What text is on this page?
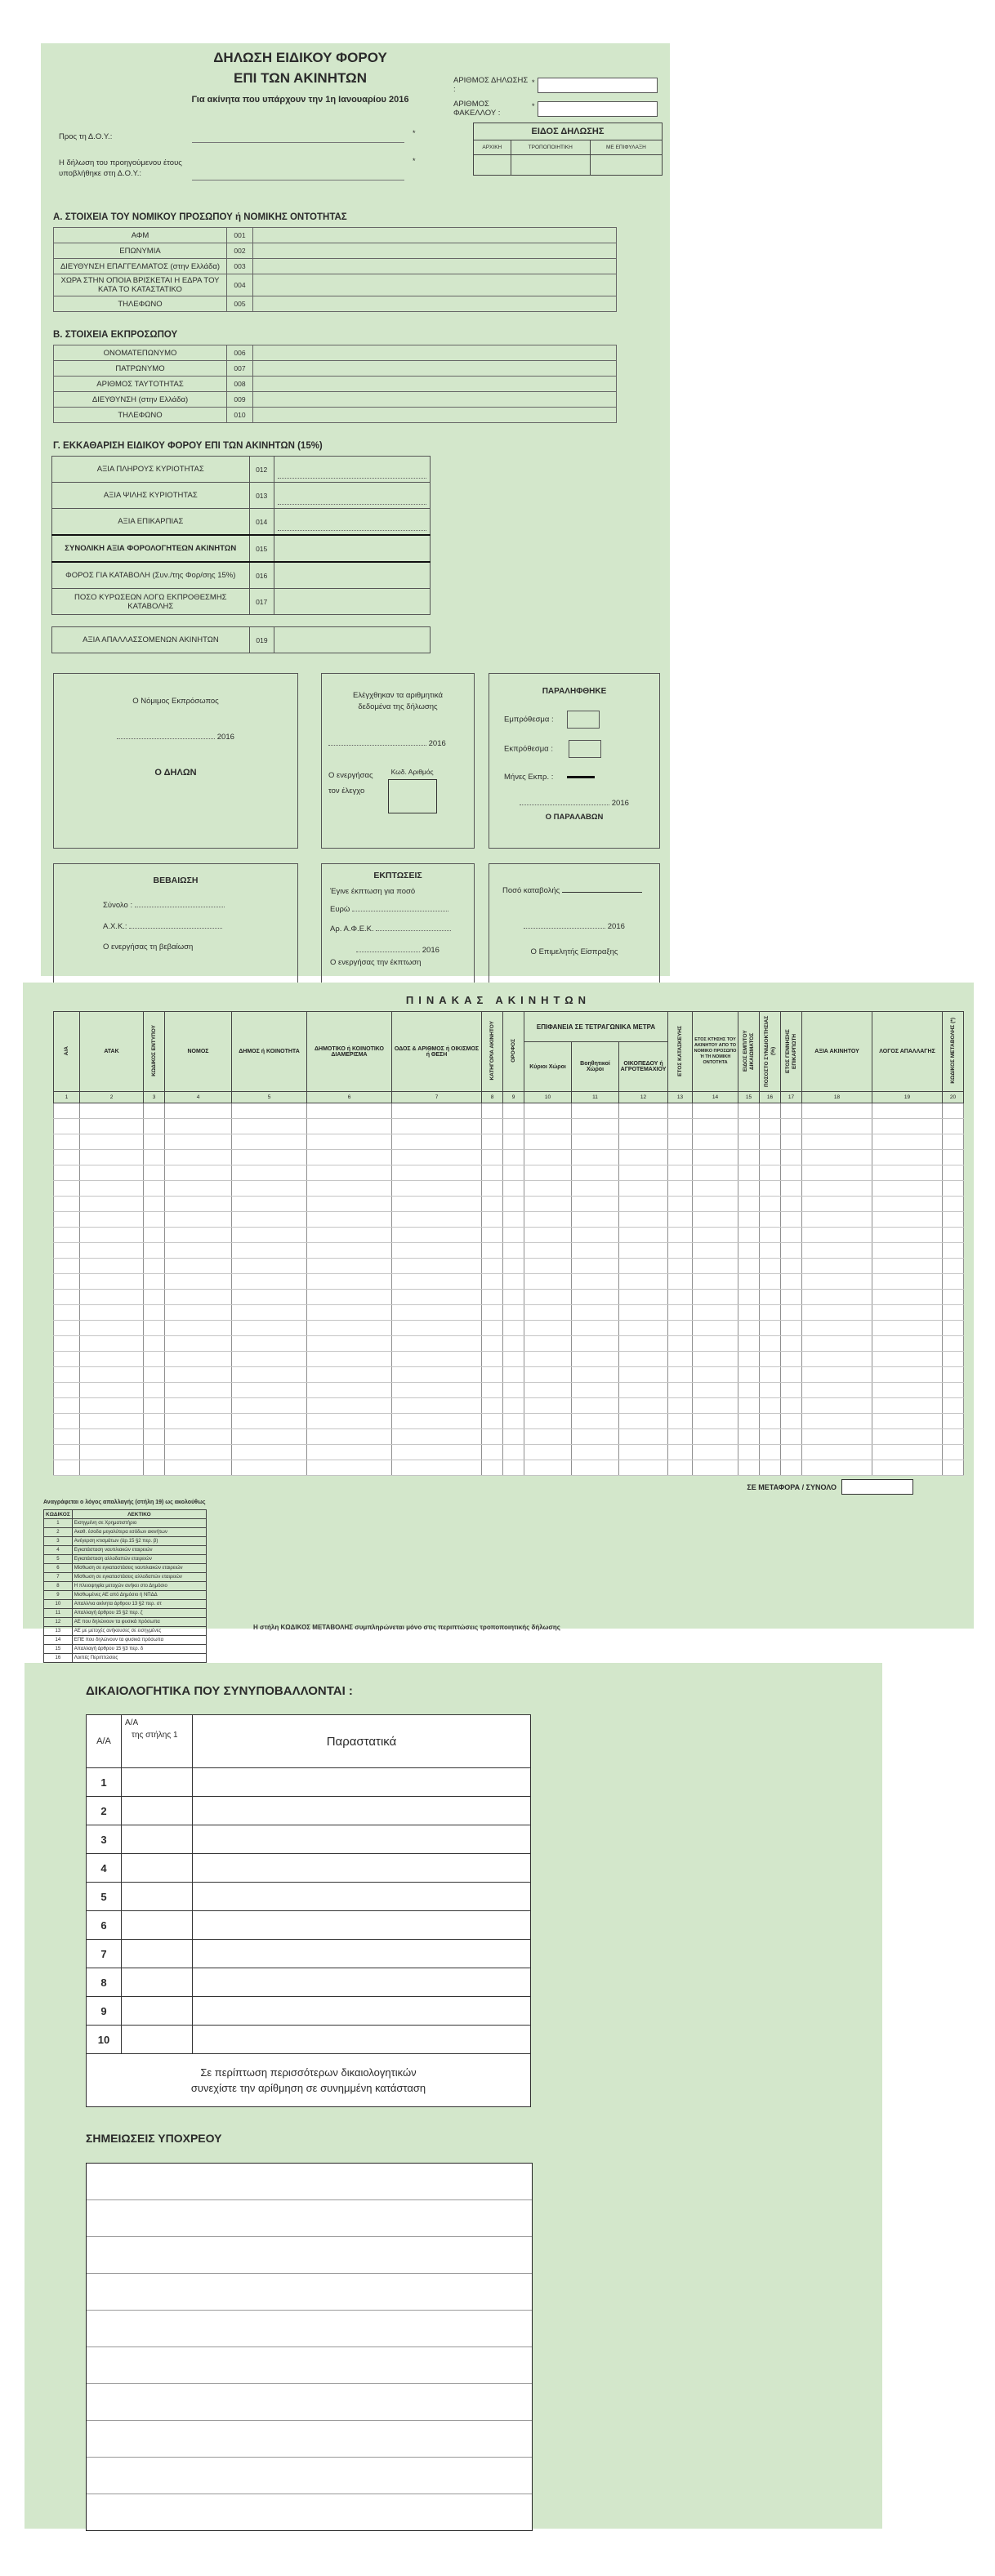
ΔΗΛΩΣΗ ΕΙΔΙΚΟΥ ΦΟΡΟΥ
ΕΠΙ ΤΩΝ ΑΚΙΝΗΤΩΝ
Για ακίνητα που υπάρχουν την 1η Ιανουαρίου 2016
ΑΡΙΘΜΟΣ ΔΗΛΩΣΗΣ :
*
ΑΡΙΘΜΟΣ ΦΑΚΕΛΛΟΥ :
*
Προς τη Δ.Ο.Υ.:	*
Η δήλωση του προηγούμενου έτους υποβλήθηκε στη Δ.Ο.Υ.:
*
ΕΙΔΟΣ ΔΗΛΩΣΗΣ		
ΑΡΧΙΚΗ	ΤΡΟΠΟΠΟΙΗΤΙΚΗ	ΜΕ ΕΠΙΦΥΛΑΞΗ

Α. ΣΤΟΙΧΕΙΑ ΤΟΥ ΝΟΜΙΚΟΥ ΠΡΟΣΩΠΟΥ ή ΝΟΜΙΚΗΣ ΟΝΤΟΤΗΤΑΣ
ΑΦΜ	001	
ΕΠΩΝΥΜΙΑ	002	
ΔΙΕΥΘΥΝΣΗ ΕΠΑΓΓΕΛΜΑΤΟΣ (στην Ελλάδα)	003	
ΧΩΡΑ ΣΤΗΝ ΟΠΟΙΑ ΒΡΙΣΚΕΤΑΙ Η ΕΔΡΑ ΤΟΥ ΚΑΤΑ ΤΟ ΚΑΤΑΣΤΑΤΙΚΟ	004	
ΤΗΛΕΦΩΝΟ	005	
Β. ΣΤΟΙΧΕΙΑ ΕΚΠΡΟΣΩΠΟΥ
ΟΝΟΜΑΤΕΠΩΝΥΜΟ	006	
ΠΑΤΡΩΝΥΜΟ	007	
ΑΡΙΘΜΟΣ ΤΑΥΤΟΤΗΤΑΣ	008	
ΔΙΕΥΘΥΝΣΗ (στην Ελλάδα)	009	
ΤΗΛΕΦΩΝΟ	010	
Γ. ΕΚΚΑΘΑΡΙΣΗ ΕΙΔΙΚΟΥ ΦΟΡΟΥ ΕΠΙ ΤΩΝ ΑΚΙΝΗΤΩΝ (15%)
ΑΞΙΑ ΠΛΗΡΟΥΣ ΚΥΡΙΟΤΗΤΑΣ	012	

ΑΞΙΑ ΨΙΛΗΣ ΚΥΡΙΟΤΗΤΑΣ	013	

ΑΞΙΑ ΕΠΙΚΑΡΠΙΑΣ	014	

ΣΥΝΟΛΙΚΗ ΑΞΙΑ ΦΟΡΟΛΟΓΗΤΕΩΝ ΑΚΙΝΗΤΩΝ	015	
ΦΟΡΟΣ ΓΙΑ ΚΑΤΑΒΟΛΗ (Συν./της Φορ/σης 15%)	016	
ΠΟΣΟ ΚΥΡΩΣΕΩΝ ΛΟΓΩ ΕΚΠΡΟΘΕΣΜΗΣ ΚΑΤΑΒΟΛΗΣ	017	
ΑΞΙΑ ΑΠΑΛΛΑΣΣΟΜΕΝΩΝ ΑΚΙΝΗΤΩΝ	019	
Ο Νόμιμος Εκπρόσωπος
2016
Ο ΔΗΛΩΝ
Ελέγχθηκαν τα αριθμητικά
δεδομένα της δήλωσης
2016
Ο ενεργήσας
τον έλεγχο
Κωδ. Αριθμός
ΠΑΡΑΛΗΦΘΗΚΕ
Εμπρόθεσμα :
Εκπρόθεσμα :
Μήνες Εκπρ. :
2016
Ο ΠΑΡΑΛΑΒΩΝ
ΒΕΒΑΙΩΣΗ
Σύνολο :
Α.Χ.Κ.:
Ο ενεργήσας τη βεβαίωση
ΕΚΠΤΩΣΕΙΣ
Έγινε έκπτωση για ποσό
Ευρώ
Αρ. Α.Φ.Ε.Κ.
2016
Ο ενεργήσας την έκπτωση
Ποσό καταβολής
2016
Ο Επιμελητής Είσπραξης
ΠΙΝΑΚΑΣ ΑΚΙΝΗΤΩΝ
Α/Α	ΑΤΑΚ	ΚΩΔΙΚΟΣ ΕΝΤΥΠΟΥ	ΝΟΜΟΣ	ΔΗΜΟΣ ή ΚΟΙΝΟΤΗΤΑ	ΔΗΜΟΤΙΚΟ ή ΚΟΙΝΟΤΙΚΟ ΔΙΑΜΕΡΙΣΜΑ	ΟΔΟΣ & ΑΡΙΘΜΟΣ ή ΟΙΚΙΣΜΟΣ ή ΘΕΣΗ	ΚΑΤΗΓΟΡΙΑ ΑΚΙΝΗΤΟΥ	ΟΡΟΦΟΣ	ΕΠΙΦΑΝΕΙΑ ΣΕ ΤΕΤΡΑΓΩΝΙΚΑ ΜΕΤΡΑ			ΕΤΟΣ ΚΑΤΑΣΚΕΥΗΣ	ΕΤΟΣ ΚΤΗΣΗΣ ΤΟΥ ΑΚΙΝΗΤΟΥ ΑΠΟ ΤΟ ΝΟΜΙΚΟ ΠΡΟΣΩΠΟ Ή ΤΗ ΝΟΜΙΚΗ ΟΝΤΟΤΗΤΑ	ΕΙΔΟΣ ΕΜΠ/ΤΟΥ ΔΙΚΑΙΩΜΑΤΟΣ	ΠΟΣΟΣΤΟ ΣΥΝΙΔΙΟΚΤΗΣΙΑΣ (%)	ΕΤΟΣ ΓΕΝΝΗΣΗΣ ΕΠΙΚΑΡΠΩΤΗ	ΑΞΙΑ ΑΚΙΝΗΤΟΥ	ΛΟΓΟΣ ΑΠΑΛΛΑΓΗΣ	ΚΩΔΙΚΟΣ ΜΕΤΑΒΟΛΗΣ (*)
									Κύριοι Χώροι	Βοηθητικοί Χώροι	ΟΙΚΟΠΕΔΟΥ ή ΑΓΡΟΤΕΜΑΧΙΟΥ								
1	2	3	4	5	6	7	8	9	10	11	12	13	14	15	16	17	18	19	20

ΣΕ ΜΕΤΑΦΟΡΑ / ΣΥΝΟΛΟ
Αναγράφεται ο λόγος απαλλαγής (στήλη 19) ως ακολούθως
ΚΩΔΙΚΟΣ	ΛΕΚΤΙΚΟ
1	Εισηγμένη σε Χρηματιστήριο
2	Ακαθ. έσοδα μεγαλύτερα εσόδων ακινήτων
3	Ανέγερση κτισμάτων (άρ.15 §2 περ. β)
4	Εγκατάσταση ναυτιλιακών εταιρειών
5	Εγκατάσταση αλλοδαπών εταιρειών
6	Μίσθωση σε εγκαταστάσεις ναυτιλιακών εταιρειών
7	Μίσθωση σε εγκαταστάσεις αλλοδαπών εταιρειών
8	Η πλειοψηφία μετοχών ανήκει στο Δημόσιο
9	Μισθωμένες ΑΕ από Δημόσιο ή ΝΠΔΔ
10	Απαλλ/να ακίνητα άρθρου 13 §2 περ. στ
11	Απαλλαγή άρθρου 15 §2 περ. ζ
12	ΑΕ που δηλώνουν τα φυσικά πρόσωπα
13	ΑΕ με μετοχές ανήκουσες σε εισηγμένες
14	ΕΠΕ που δηλώνουν τα φυσικά πρόσωπα
15	Απαλλαγή άρθρου 15 §3 περ. δ
16	Λοιπές Περιπτώσεις
Η στήλη ΚΩΔΙΚΟΣ ΜΕΤΑΒΟΛΗΣ συμπληρώνεται μόνο στις περιπτώσεις τροποποιητικής δήλωσης
ΔΙΚΑΙΟΛΟΓΗΤΙΚΑ ΠΟΥ ΣΥΝΥΠΟΒΑΛΛΟΝΤΑΙ :
Α/Α	Α/Α
της στήλης 1	Παραστατικά
1		
2		
3		
4		
5		
6		
7		
8		
9		
10		
Σε περίπτωση περισσότερων δικαιολογητικών
συνεχίστε την αρίθμηση σε συνημμένη κατάσταση		
ΣΗΜΕΙΩΣΕΙΣ ΥΠΟΧΡΕΟΥ
